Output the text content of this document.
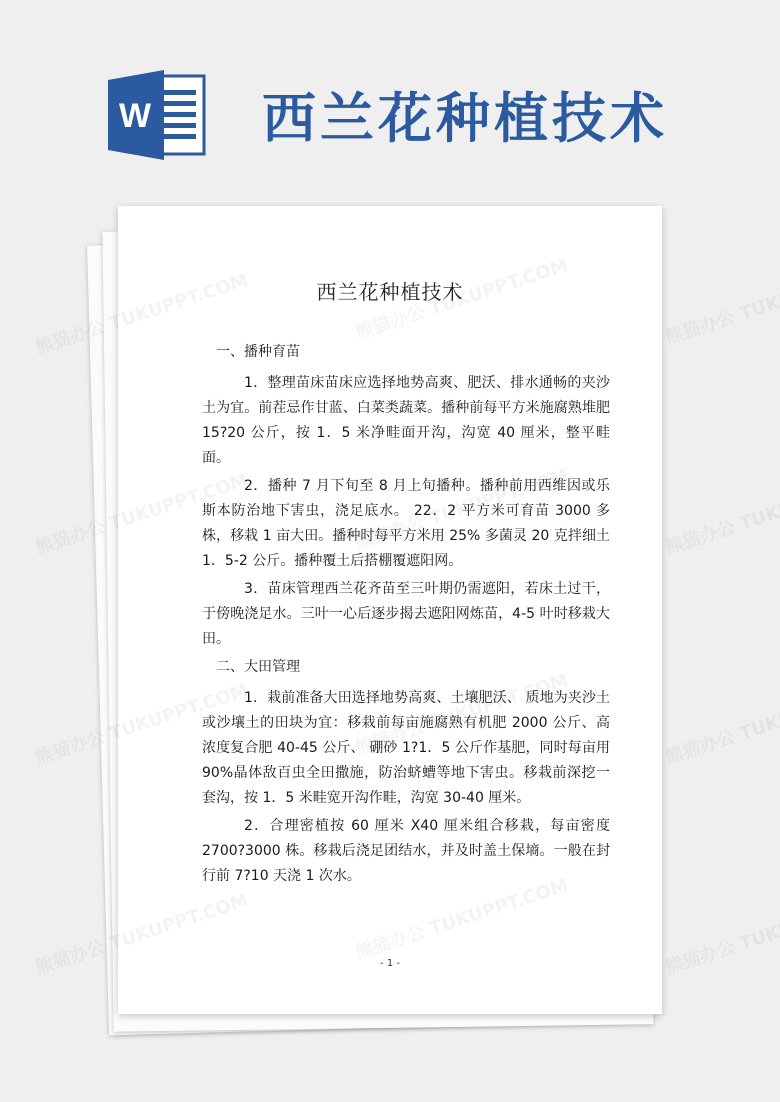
W 西兰花种植技术
西兰花种植技术

一、播种育苗

1．整理苗床苗床应选择地势高爽、肥沃、排水通畅的夹沙土为宜。前茬忌作甘蓝、白菜类蔬菜。播种前每平方米施腐熟堆肥 15?20 公斤，按 1．5 米净畦面开沟，沟宽 40 厘米，整平畦面。

2．播种 7 月下旬至 8 月上旬播种。播种前用西维因或乐斯本防治地下害虫，浇足底水。 22．2 平方米可育苗 3000 多株，移栽 1 亩大田。播种时每平方米用 25% 多菌灵 20 克拌细土 1．5-2 公斤。播种覆土后搭棚覆遮阳网。

3．苗床管理西兰花齐苗至三叶期仍需遮阳，若床土过干，于傍晚浇足水。三叶一心后逐步揭去遮阳网炼苗，4-5 叶时移栽大田。

二、大田管理

1．栽前准备大田选择地势高爽、土壤肥沃、 质地为夹沙土或沙壤土的田块为宜：移栽前每亩施腐熟有机肥 2000 公斤、高浓度复合肥 40-45 公斤、 硼砂 1?1．5 公斤作基肥，同时每亩用 90%晶体敌百虫全田撒施，防治蛴螬等地下害虫。移栽前深挖一套沟，按 1．5 米畦宽开沟作畦，沟宽 30-40 厘米。

2．合理密植按 60 厘米 X40 厘米组合移栽，每亩密度 2700?3000 株。移栽后浇足团结水，并及时盖土保墒。一般在封行前 7?10 天浇 1 次水。

- 1 -
